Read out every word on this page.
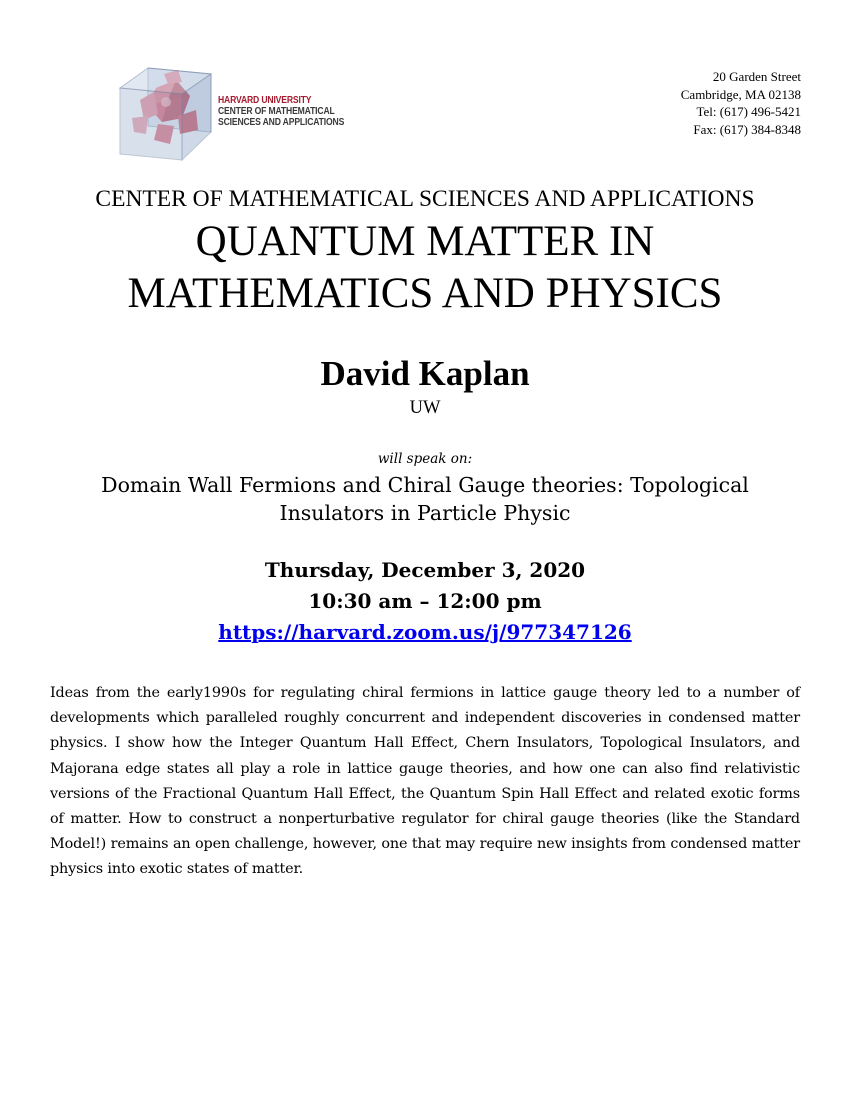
HARVARD UNIVERSITY
CENTER OF MATHEMATICAL
SCIENCES AND APPLICATIONS
20 Garden Street
Cambridge, MA 02138
Tel: (617) 496-5421
Fax: (617) 384-8348
CENTER OF MATHEMATICAL SCIENCES AND APPLICATIONS
QUANTUM MATTER IN
MATHEMATICS AND PHYSICS
David Kaplan
UW
will speak on:
Domain Wall Fermions and Chiral Gauge theories: Topological
Insulators in Particle Physic
Thursday, December 3, 2020
10:30 am – 12:00 pm
https://harvard.zoom.us/j/977347126
Ideas from the early1990s for regulating chiral fermions in lattice gauge theory led to a number of developments which paralleled roughly concurrent and independent discoveries in condensed matter physics. I show how the Integer Quantum Hall Effect, Chern Insulators, Topological Insulators, and Majorana edge states all play a role in lattice gauge theories, and how one can also find relativistic versions of the Fractional Quantum Hall Effect, the Quantum Spin Hall Effect and related exotic forms of matter. How to construct a nonperturbative regulator for chiral gauge theories (like the Standard Model!) remains an open challenge, however, one that may require new insights from condensed matter physics into exotic states of matter.
